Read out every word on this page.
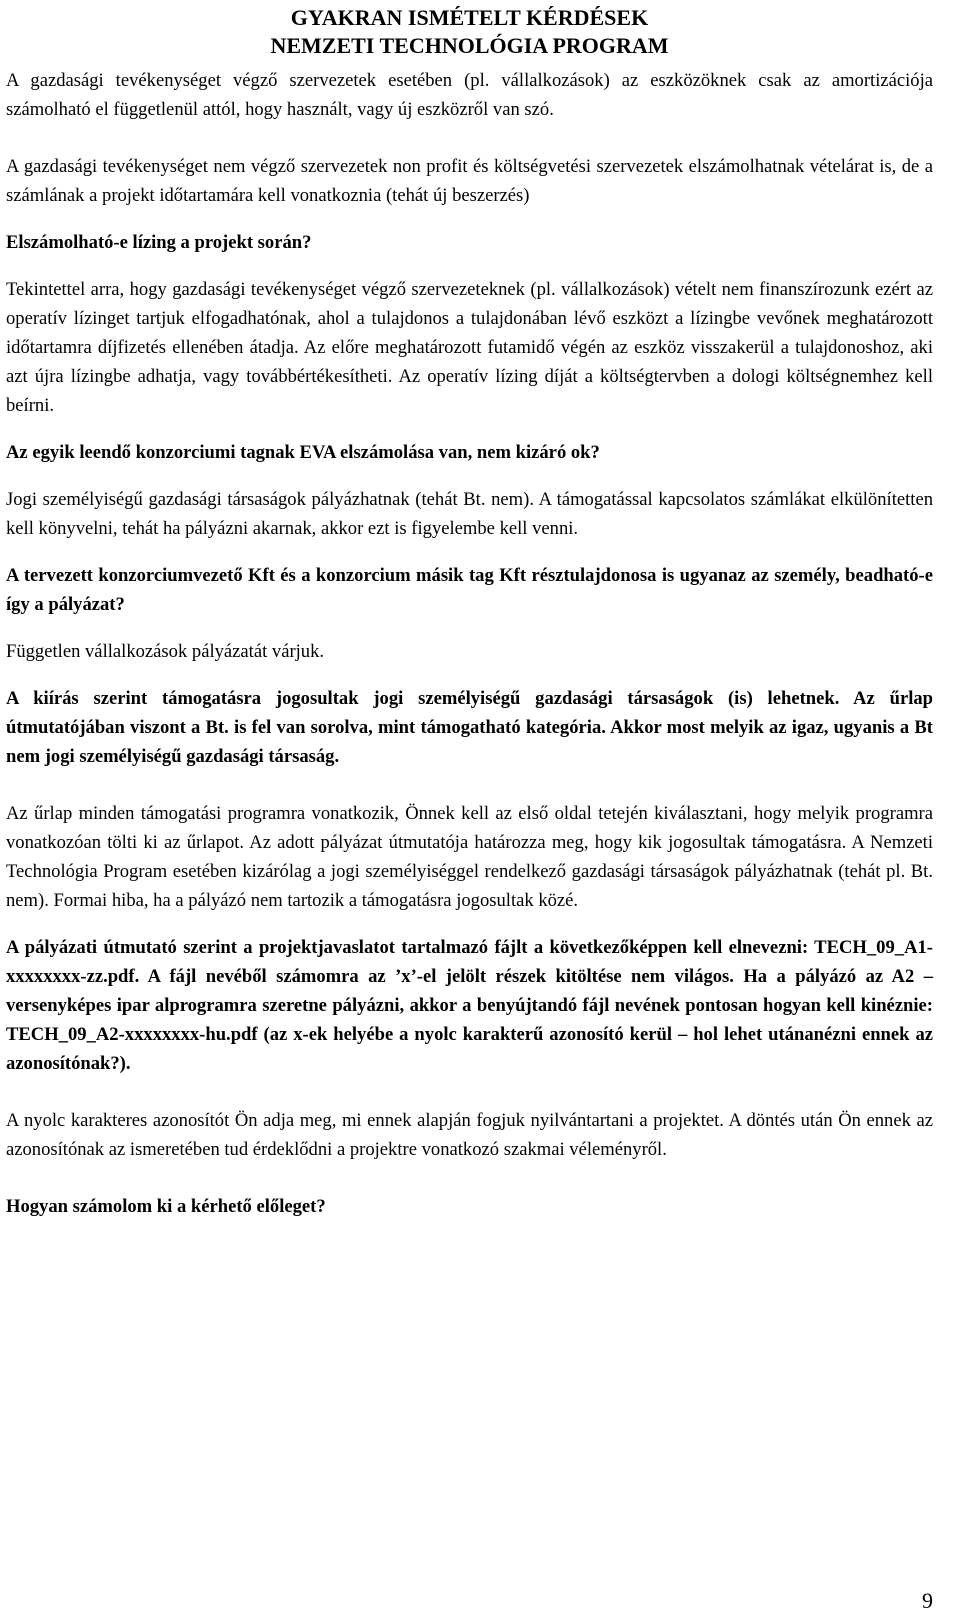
GYAKRAN ISMÉTELT KÉRDÉSEK
NEMZETI TECHNOLÓGIA PROGRAM

A gazdasági tevékenységet végző szervezetek esetében (pl. vállalkozások) az eszközöknek csak az amortizációja számolható el függetlenül attól, hogy használt, vagy új eszközről van szó.

A gazdasági tevékenységet nem végző szervezetek non profit és költségvetési szervezetek elszámolhatnak vételárat is, de a számlának a projekt időtartamára kell vonatkoznia (tehát új beszerzés)

Elszámolható-e lízing a projekt során?

Tekintettel arra, hogy gazdasági tevékenységet végző szervezeteknek (pl. vállalkozások) vételt nem finanszírozunk ezért az operatív lízinget tartjuk elfogadhatónak, ahol a tulajdonos a tulajdonában lévő eszközt a lízingbe vevőnek meghatározott időtartamra díjfizetés ellenében átadja. Az előre meghatározott futamidő végén az eszköz visszakerül a tulajdonoshoz, aki azt újra lízingbe adhatja, vagy továbbértékesítheti. Az operatív lízing díját a költségtervben a dologi költségnemhez kell beírni.

Az egyik leendő konzorciumi tagnak EVA elszámolása van, nem kizáró ok?

Jogi személyiségű gazdasági társaságok pályázhatnak (tehát Bt. nem). A támogatással kapcsolatos számlákat elkülönítetten kell könyvelni, tehát ha pályázni akarnak, akkor ezt is figyelembe kell venni.

A tervezett konzorciumvezető Kft és a konzorcium másik tag Kft résztulajdonosa is ugyanaz az személy, beadható-e így a pályázat?

Független vállalkozások pályázatát várjuk.

A kiírás szerint támogatásra jogosultak jogi személyiségű gazdasági társaságok (is) lehetnek. Az űrlap útmutatójában viszont a Bt. is fel van sorolva, mint támogatható kategória. Akkor most melyik az igaz, ugyanis a Bt nem jogi személyiségű gazdasági társaság.

Az űrlap minden támogatási programra vonatkozik, Önnek kell az első oldal tetején kiválasztani, hogy melyik programra vonatkozóan tölti ki az űrlapot. Az adott pályázat útmutatója határozza meg, hogy kik jogosultak támogatásra. A Nemzeti Technológia Program esetében kizárólag a jogi személyiséggel rendelkező gazdasági társaságok pályázhatnak (tehát pl. Bt. nem). Formai hiba, ha a pályázó nem tartozik a támogatásra jogosultak közé.

A pályázati útmutató szerint a projektjavaslatot tartalmazó fájlt a következőképpen kell elnevezni: TECH_09_A1-xxxxxxxx-zz.pdf. A fájl nevéből számomra az ’x’-el jelölt részek kitöltése nem világos. Ha a pályázó az A2 – versenyképes ipar alprogramra szeretne pályázni, akkor a benyújtandó fájl nevének pontosan hogyan kell kinéznie: TECH_09_A2-xxxxxxxx-hu.pdf (az x-ek helyébe a nyolc karakterű azonosító kerül – hol lehet utánanézni ennek az azonosítónak?).

A nyolc karakteres azonosítót Ön adja meg, mi ennek alapján fogjuk nyilvántartani a projektet. A döntés után Ön ennek az azonosítónak az ismeretében tud érdeklődni a projektre vonatkozó szakmai véleményről.

Hogyan számolom ki a kérhető előleget?

9
